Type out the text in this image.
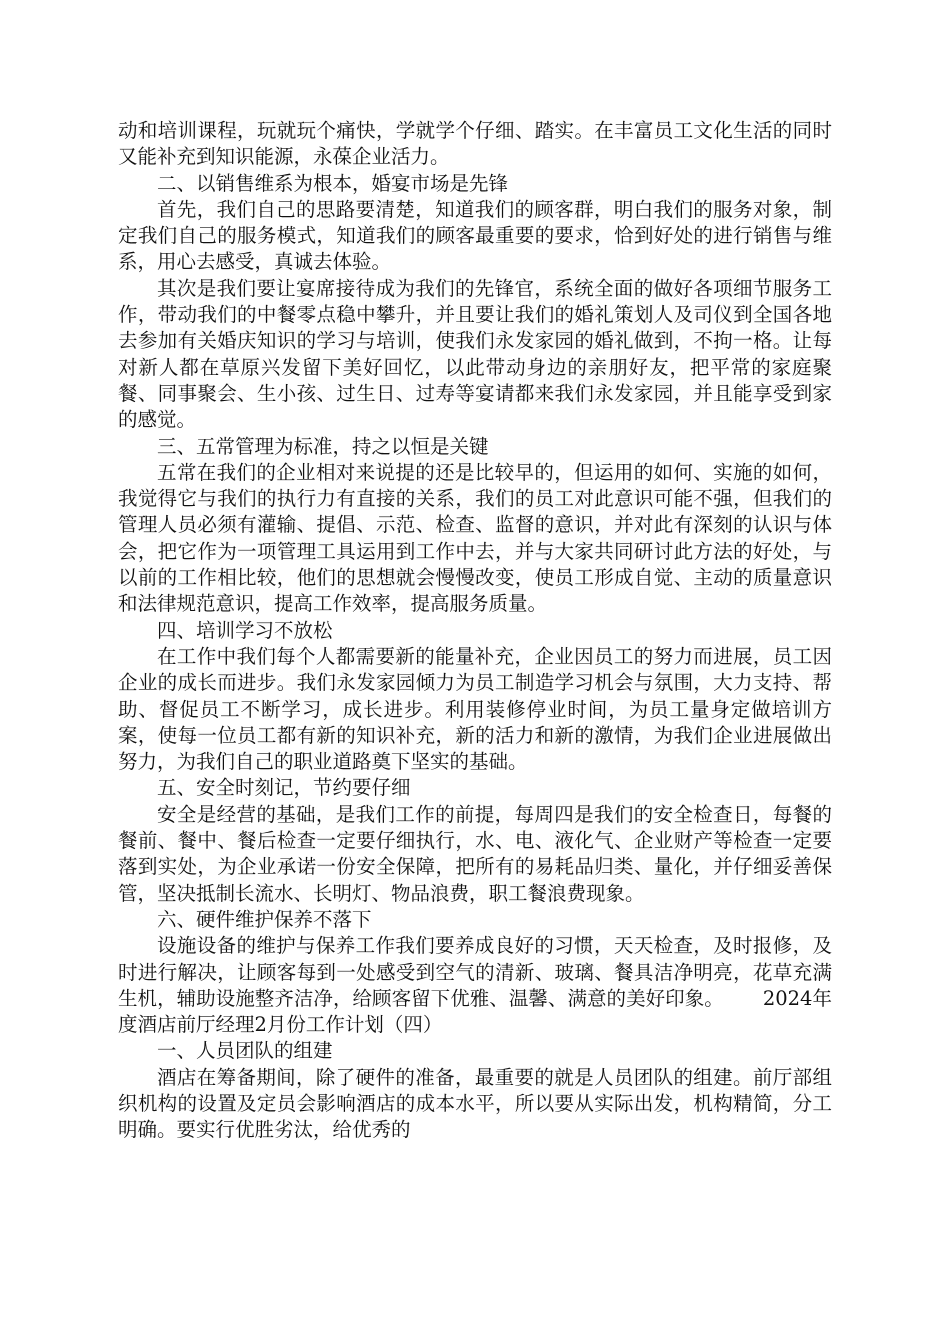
动和培训课程，玩就玩个痛快，学就学个仔细、踏实。在丰富员工文化生活的同时又能补充到知识能源，永葆企业活力。

二、以销售维系为根本，婚宴市场是先锋

首先，我们自己的思路要清楚，知道我们的顾客群，明白我们的服务对象，制定我们自己的服务模式，知道我们的顾客最重要的要求，恰到好处的进行销售与维系，用心去感受，真诚去体验。

其次是我们要让宴席接待成为我们的先锋官，系统全面的做好各项细节服务工作，带动我们的中餐零点稳中攀升，并且要让我们的婚礼策划人及司仪到全国各地去参加有关婚庆知识的学习与培训，使我们永发家园的婚礼做到，不拘一格。让每对新人都在草原兴发留下美好回忆，以此带动身边的亲朋好友，把平常的家庭聚餐、同事聚会、生小孩、过生日、过寿等宴请都来我们永发家园，并且能享受到家的感觉。

三、五常管理为标准，持之以恒是关键

五常在我们的企业相对来说提的还是比较早的，但运用的如何、实施的如何，我觉得它与我们的执行力有直接的关系，我们的员工对此意识可能不强，但我们的管理人员必须有灌输、提倡、示范、检查、监督的意识，并对此有深刻的认识与体会，把它作为一项管理工具运用到工作中去，并与大家共同研讨此方法的好处，与以前的工作相比较，他们的思想就会慢慢改变，使员工形成自觉、主动的质量意识和法律规范意识，提高工作效率，提高服务质量。

四、培训学习不放松

在工作中我们每个人都需要新的能量补充，企业因员工的努力而进展，员工因企业的成长而进步。我们永发家园倾力为员工制造学习机会与氛围，大力支持、帮助、督促员工不断学习，成长进步。利用装修停业时间，为员工量身定做培训方案，使每一位员工都有新的知识补充，新的活力和新的激情，为我们企业进展做出努力，为我们自己的职业道路奠下坚实的基础。

五、安全时刻记，节约要仔细

安全是经营的基础，是我们工作的前提，每周四是我们的安全检查日，每餐的餐前、餐中、餐后检查一定要仔细执行，水、电、液化气、企业财产等检查一定要落到实处，为企业承诺一份安全保障，把所有的易耗品归类、量化，并仔细妥善保管，坚决抵制长流水、长明灯、物品浪费，职工餐浪费现象。

六、硬件维护保养不落下

设施设备的维护与保养工作我们要养成良好的习惯，天天检查，及时报修，及时进行解决，让顾客每到一处感受到空气的清新、玻璃、餐具洁净明亮，花草充满生机，辅助设施整齐洁净，给顾客留下优雅、温馨、满意的美好印象。 2024年度酒店前厅经理2月份工作计划（四）

一、人员团队的组建

酒店在筹备期间，除了硬件的准备，最重要的就是人员团队的组建。前厅部组织机构的设置及定员会影响酒店的成本水平，所以要从实际出发，机构精简，分工明确。要实行优胜劣汰，给优秀的
